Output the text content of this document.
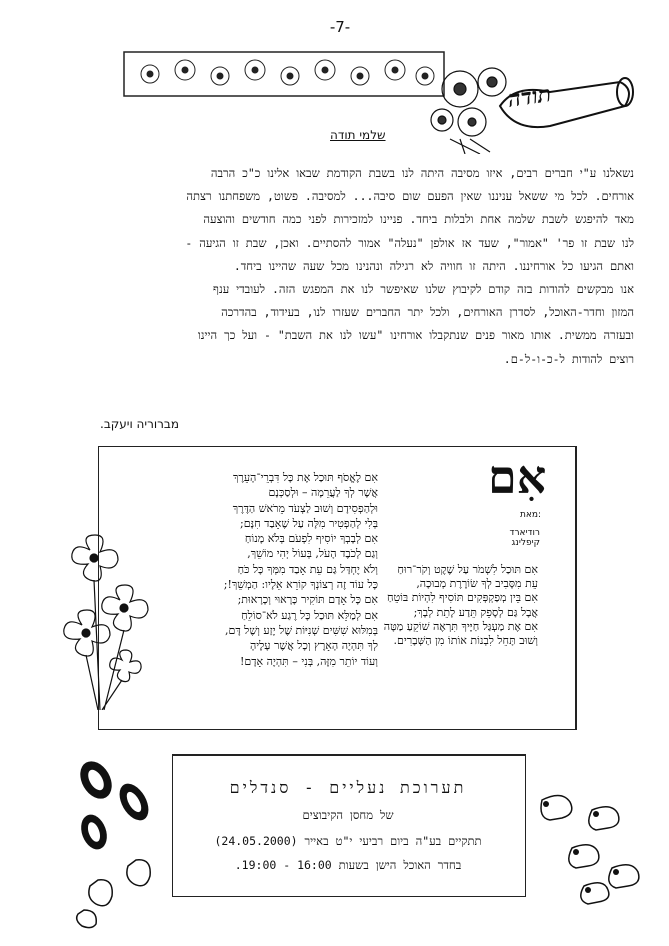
-7-
תודה
שלמי תודה
נשאלנו ע"י חברים רבים, איזו מסיבה היתה לנו בשבת הקודמת שבאו אלינו כ"כ הרבה
אורחים. לכל מי ששאל עניננו שאין הפעם שום סיבה... למסיבה. פשוט, משפחתנו רצתה
מאד להיפגש לשבת שלמה אחת ולבלות ביחד. פניינו למזכירות לפני כמה חודשים והוצעה
לנו שבת זו פר' "אמור", שעד אז אולפן "נעלה" אמור להסתיים. ואכן, שבת זו הגיעה -
ואתם הגיעו כל אורחיננו. היתה זו חוויה לא רגילה ונהנינו מכל שעה שהיינו ביחד.
אנו מבקשים להודות בזה קודם לקיבוץ שלנו שאיפשר לנו את המפגש הזה. לעובדי ענף
המזון וחדר-האוכל, לסדרן האורחים, ולכל יתר החברים שעזרו לנו, בעידוד, בהדרכה
ובעזרה ממשית. אותו מאור פנים שנתקבלו אורחינו "עשו לנו את השבת" - ועל כך היינו
רוצים להודות ל-כ-ו-ל-ם.
מברוריה ויעקב.
אִם
מאת:
רודיארד קיפלינג
אִם תּוּכַל לִשְׁמֹר עַל שֶׁקֶט וְקֹר־רוּחַ
עֵת מִסָּבִיב לְךָ שׂוֹרֶרֶת מְבוּכָה,
אִם בֵּין מְפַקְפְּקִים תּוֹסִיף לִהְיוֹת בּוֹטֵחַ
אֲבָל גַּם לְסָפֵק תֵּדַע לָתֵת לְבָךְ;
אִם אֶת מַעְגַּל חַיֶּיךָ תִּרְאֶה שׁוֹקֵעַ מַטָּה
וְשׁוּב תָּחֵל לִבְנוֹת אוֹתוֹ מִן הַשְּׁבָרִים.
אִם לֶאֱסֹף תּוּכַל אֶת כָּל דִּבְרֵי־הָעֵרֶךְ
אֲשֶׁר לְךָ לַעֲרֵמָה – וּלְסַכְּנָם
וּלְהַפְסִידָם וְשׁוּב לַצְעֹד מֵרֹאשׁ הַדֶּרֶךְ
בְּלִי לְהַפְטִיר מִלָּה עַל שֶׁאָבַד חִנָּם;
אִם לְבָבְךָ יוֹסִיף לִפְעֹם בְּלֹא מָנוֹחַ
וְגַם לְכֹבֶד הָעֹל, בְּעוֹל יְהִי מוֹשֵׁךְ,
וְלֹא יֶחְדַּל גַּם עֵת אָבַד מִמְּךָ כָּל כֹּחַ
כָּל עוֹד זֶה רְצוֹנְךָ קוֹרֵא אֵלָיו: הַמְשֵׁךְ!;
אִם כָּל אָדָם תּוֹקִיר כָּרָאוּי וְכָרָאוּת;
אִם לְמַלֵּא תּוּכַל כָּל רֶגַע לֹא־סוֹלֵחַ
בְּמִלּוּא שִׁשִּׁים שְׁנִיּוֹת שֶׁל יֶזַע וְשֶׁל דָּם,
לְךָ תִּהְיֶה הָאָרֶץ וְכָל אֲשֶׁר עָלֶיהָ
וְעוֹד יוֹתֵר מִזֶּה, בְּנִי – תִּהְיֶה אָדָם!
תערוכת נעליים - סנדלים
של מחסן הקיבוצים
תתקיים בע"ה ביום רביעי י"ט באייר (24.05.2000)
בחדר האוכל הישן בשעות 16:00 - 19:00.
